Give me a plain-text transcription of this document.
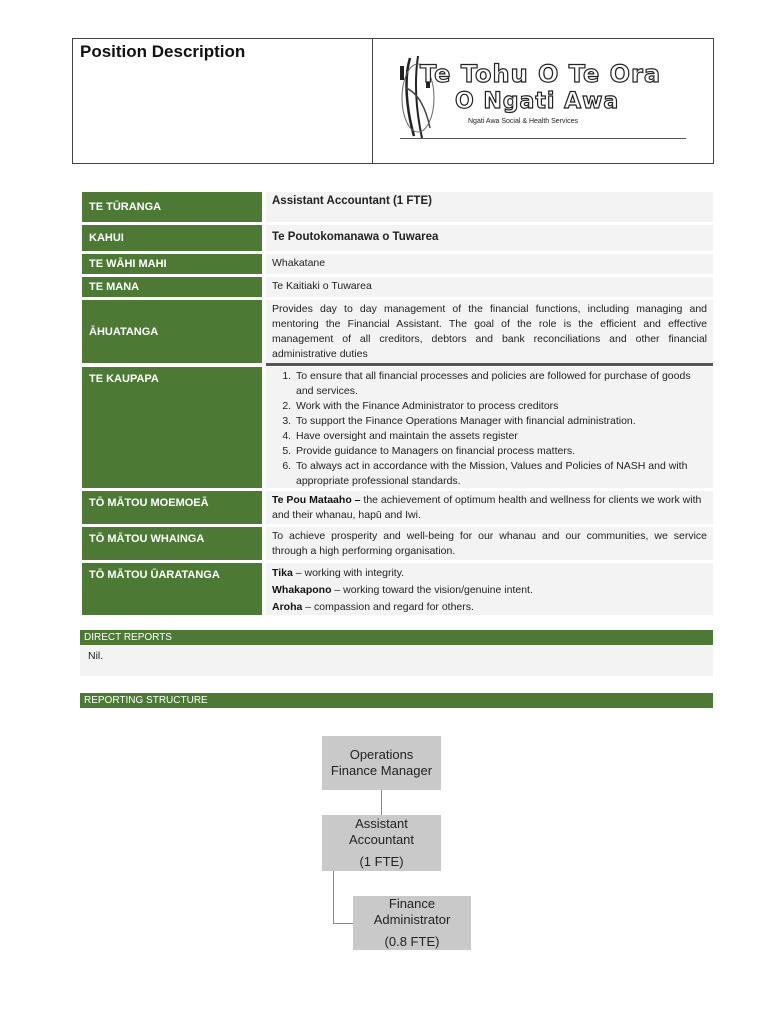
Position Description
Te Tohu O Te Ora
O Ngati Awa
Ngati Awa Social & Health Services
TE TŪRANGA	Assistant Accountant (1 FTE)
KAHUI	Te Poutokomanawa o Tuwarea
TE WĀHI MAHI	Whakatane
TE MANA	Te Kaitiaki o Tuwarea
ĀHUATANGA
Provides day to day management of the financial functions, including managing and mentoring the Financial Assistant. The goal of the role is the efficient and effective management of all creditors, debtors and bank reconciliations and other financial administrative duties
TE KAUPAPA
1.	To ensure that all financial processes and policies are followed for purchase of goods and services.
2. Work with the Finance Administrator to process creditors
3. To support the Finance Operations Manager with financial administration.
4. Have oversight and maintain the assets register
5. Provide guidance to Managers on financial process matters.
6. To always act in accordance with the Mission, Values and Policies of NASH and with appropriate professional standards.
TŌ MĀTOU MOEMOEĀ	Te Pou Mataaho – the achievement of optimum health and wellness for clients we work with and their whanau, hapū and Iwi.
TŌ MĀTOU WHAINGA	To achieve prosperity and well-being for our whanau and our communities, we service through a high performing organisation.
TŌ MĀTOU ŪARATANGA	Tika – working with integrity.
Whakapono – working toward the vision/genuine intent.
Aroha – compassion and regard for others.
DIRECT REPORTS
Nil.
REPORTING STRUCTURE
Operations
Finance Manager
Assistant
Accountant
(1 FTE)
Finance
Administrator
(0.8 FTE)
